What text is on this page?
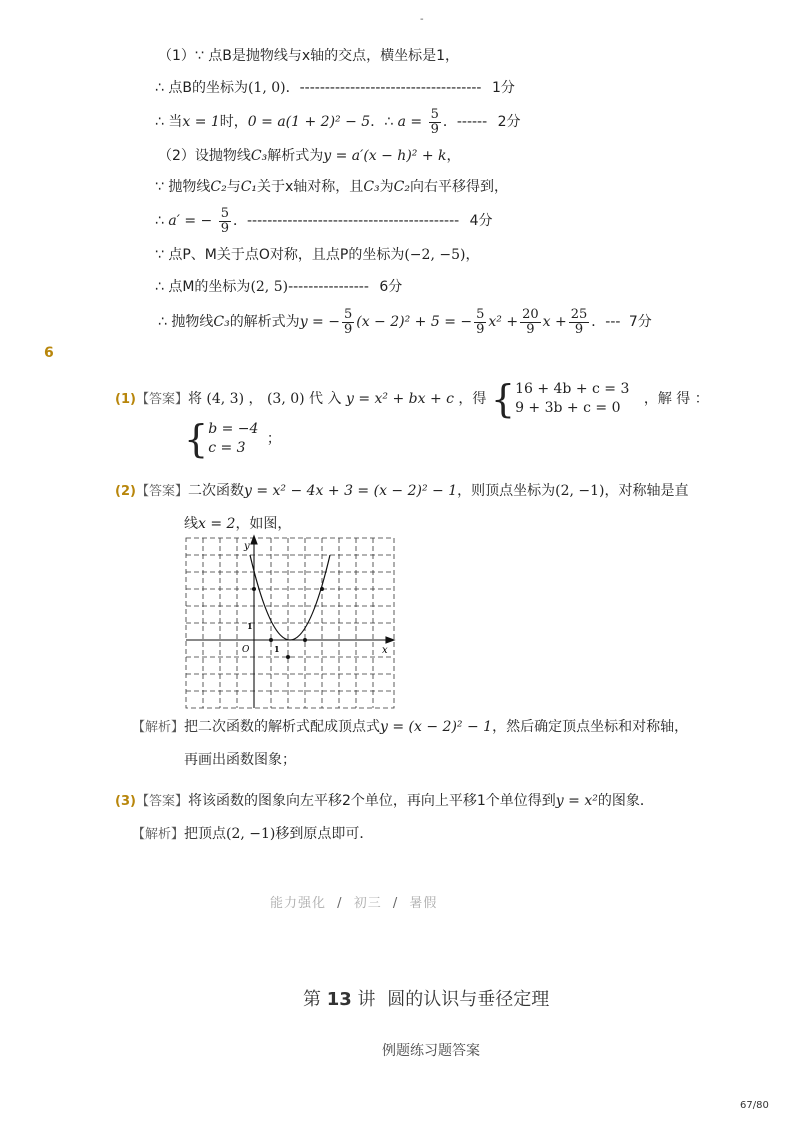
-
（1）∵ 点B是抛物线与x轴的交点，横坐标是1，
∴ 点B的坐标为(1, 0)．------------------------------------ 1分
∴ 当x = 1时，0 = a(1 + 2)² − 5．∴ $a = \frac{5}{9}$ ．------ 2分
（2）设抛物线C₃解析式为y = a′(x − h)² + k，
∵ 抛物线C₂与C₁关于x轴对称，且C₃为C₂向右平移得到，
∴ a′ = − $\frac{5}{9}$ ．------------------------------------------ 4分
∵ 点P、M关于点O对称，且点P的坐标为(−2, −5)，
∴ 点M的坐标为(2, 5)---------------- 6分
∴ 抛物线C₃的解析式为y = − $\frac{5}{9} (x - 2)^2 + 5$ = − $\frac{5}{9} x^2 + \frac{20}{9}$ $x + \frac{25}{9}$ ．--- 7分
6
(1)【答案】将 (4, 3) ， (3, 0) 代 入 y = x² + bx + c ，得 { 16 + 4b + c = 3
9 + 3b + c = 0
，解 得 ：
{ b = −4
c = 3
；
(2)【答案】二次函数y = x² − 4x + 3 = (x − 2)² − 1，则顶点坐标为(2, −1)，对称轴是直
线x = 2，如图，
y
x
O
1
1
【解析】把二次函数的解析式配成顶点式y = (x − 2)² − 1，然后确定顶点坐标和对称轴，
再画出函数图象；
(3)【答案】将该函数的图象向左平移2个单位，再向上平移1个单位得到y = x²的图象．
【解析】把顶点(2, −1)移到原点即可．
能力强化 / 初三 / 暑假
第 13 讲 圆的认识与垂径定理
例题练习题答案
67/80
